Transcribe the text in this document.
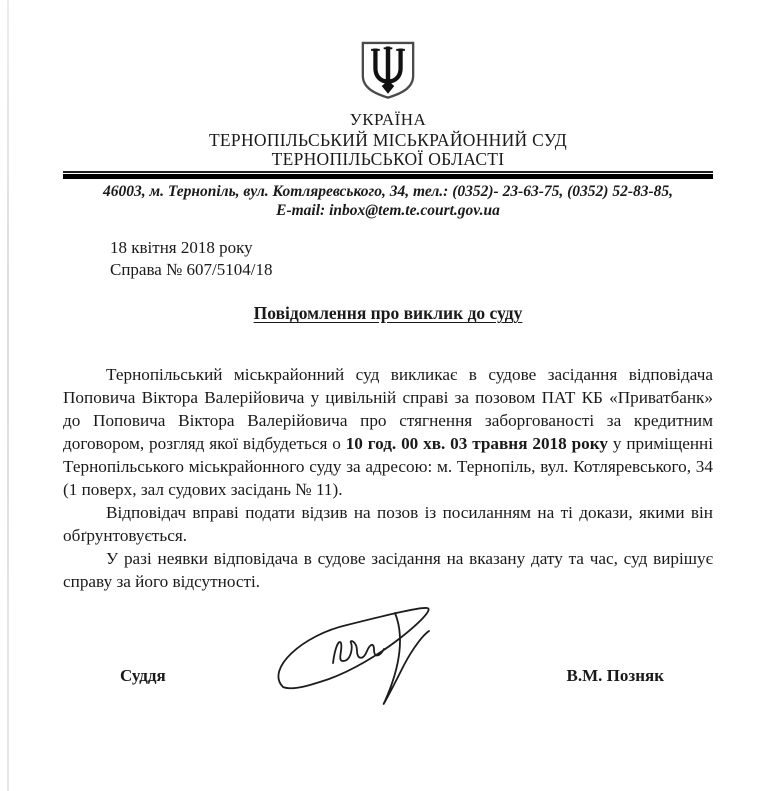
УКРАЇНА
ТЕРНОПІЛЬСЬКИЙ МІСЬКРАЙОННИЙ СУД
ТЕРНОПІЛЬСЬКОЇ ОБЛАСТІ
46003, м. Тернопіль, вул. Котляревського, 34, тел.: (0352)- 23-63-75, (0352) 52-83-85,
E-mail: inbox@tem.te.court.gov.ua
18 квітня 2018 року
Справа № 607/5104/18
Повідомлення про виклик до суду

Тернопільський міськрайонний суд викликає в судове засідання відповідача Поповича Віктора Валерійовича у цивільній справі за позовом ПАТ КБ «Приватбанк» до Поповича Віктора Валерійовича про стягнення заборгованості за кредитним договором, розгляд якої відбудеться о 10 год. 00 хв. 03 травня 2018 року у приміщенні Тернопільського міськрайонного суду за адресою: м. Тернопіль, вул. Котляревського, 34 (1 поверх, зал судових засідань № 11).

Відповідач вправі подати відзив на позов із посиланням на ті докази, якими він обґрунтовується.

У разі неявки відповідача в судове засідання на вказану дату та час, суд вирішує справу за його відсутності.

Суддя	В.М. Позняк
